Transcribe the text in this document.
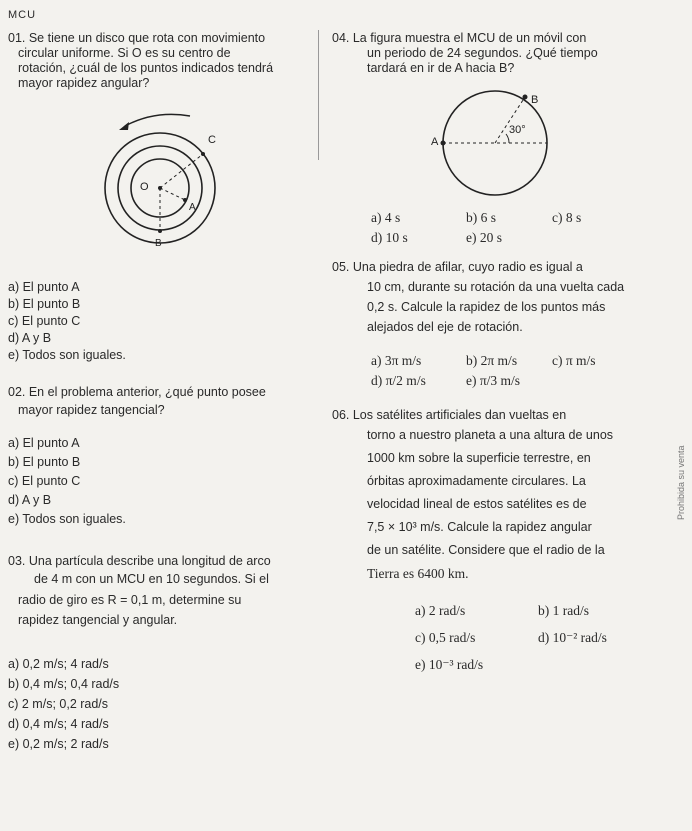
MCU
01. Se tiene un disco que rota con movimiento
circular uniforme. Si O es su centro de
rotación, ¿cuál de los puntos indicados tendrá
mayor rapidez angular?
C
O
A
B
a) El punto A
b) El punto B
c) El punto C
d) A y B
e) Todos son iguales.
02. En el problema anterior, ¿qué punto posee
mayor rapidez tangencial?
a) El punto A
b) El punto B
c) El punto C
d) A y B
e) Todos son iguales.
03. Una partícula describe una longitud de arco
de 4 m con un MCU en 10 segundos. Si el
radio de giro es R = 0,1 m, determine su
rapidez tangencial y angular.
a) 0,2 m/s; 4 rad/s
b) 0,4 m/s; 0,4 rad/s
c) 2 m/s; 0,2 rad/s
d) 0,4 m/s; 4 rad/s
e) 0,2 m/s; 2 rad/s
04. La figura muestra el MCU de un móvil con
un periodo de 24 segundos. ¿Qué tiempo
tardará en ir de A hacia B?
A
B
30°
a) 4 s	b) 6 s	c) 8 s
d) 10 s	e) 20 s
05. Una piedra de afilar, cuyo radio es igual a
10 cm, durante su rotación da una vuelta cada
0,2 s. Calcule la rapidez de los puntos más
alejados del eje de rotación.
a) 3π m/s	b) 2π m/s	c) π m/s
d) π/2 m/s	e) π/3 m/s
06. Los satélites artificiales dan vueltas en
torno a nuestro planeta a una altura de unos
1000 km sobre la superficie terrestre, en
órbitas aproximadamente circulares. La
velocidad lineal de estos satélites es de
7,5 × 10³ m/s. Calcule la rapidez angular
de un satélite. Considere que el radio de la
Tierra es 6400 km.
a) 2 rad/s	b) 1 rad/s
c) 0,5 rad/s	d) 10⁻² rad/s
e) 10⁻³ rad/s
Prohibida su venta
